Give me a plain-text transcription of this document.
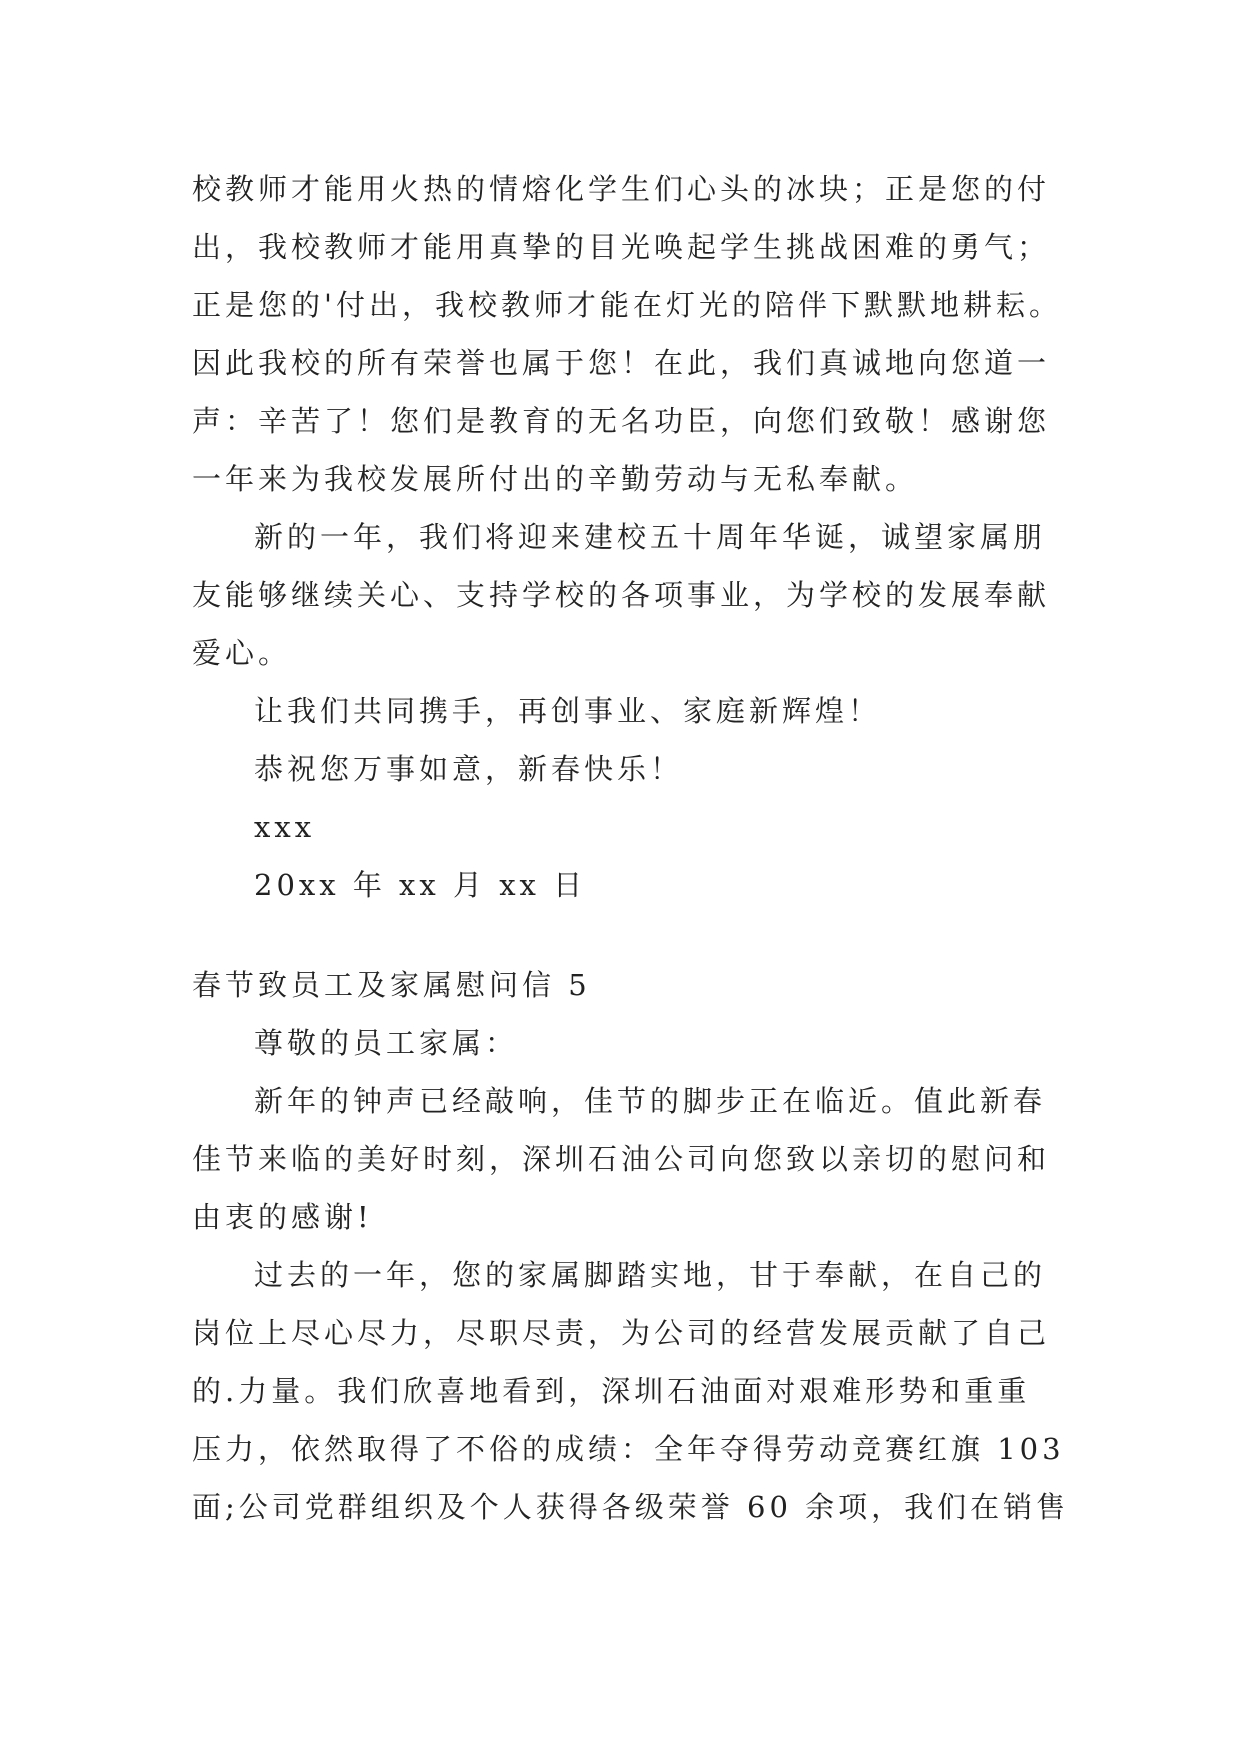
校教师才能用火热的情熔化学生们心头的冰块；正是您的付
出，我校教师才能用真挚的目光唤起学生挑战困难的勇气；
正是您的'付出，我校教师才能在灯光的陪伴下默默地耕耘。
因此我校的所有荣誉也属于您！在此，我们真诚地向您道一
声：辛苦了！您们是教育的无名功臣，向您们致敬！感谢您
一年来为我校发展所付出的辛勤劳动与无私奉献。
新的一年，我们将迎来建校五十周年华诞，诚望家属朋
友能够继续关心、支持学校的各项事业，为学校的发展奉献
爱心。
让我们共同携手，再创事业、家庭新辉煌！
恭祝您万事如意，新春快乐！
xxx
20xx 年 xx 月 xx 日
春节致员工及家属慰问信 5
尊敬的员工家属：
新年的钟声已经敲响，佳节的脚步正在临近。值此新春
佳节来临的美好时刻，深圳石油公司向您致以亲切的慰问和
由衷的感谢!
过去的一年，您的家属脚踏实地，甘于奉献，在自己的
岗位上尽心尽力，尽职尽责，为公司的经营发展贡献了自己
的.力量。我们欣喜地看到，深圳石油面对艰难形势和重重
压力，依然取得了不俗的成绩：全年夺得劳动竞赛红旗 103
面;公司党群组织及个人获得各级荣誉 60 余项，我们在销售
